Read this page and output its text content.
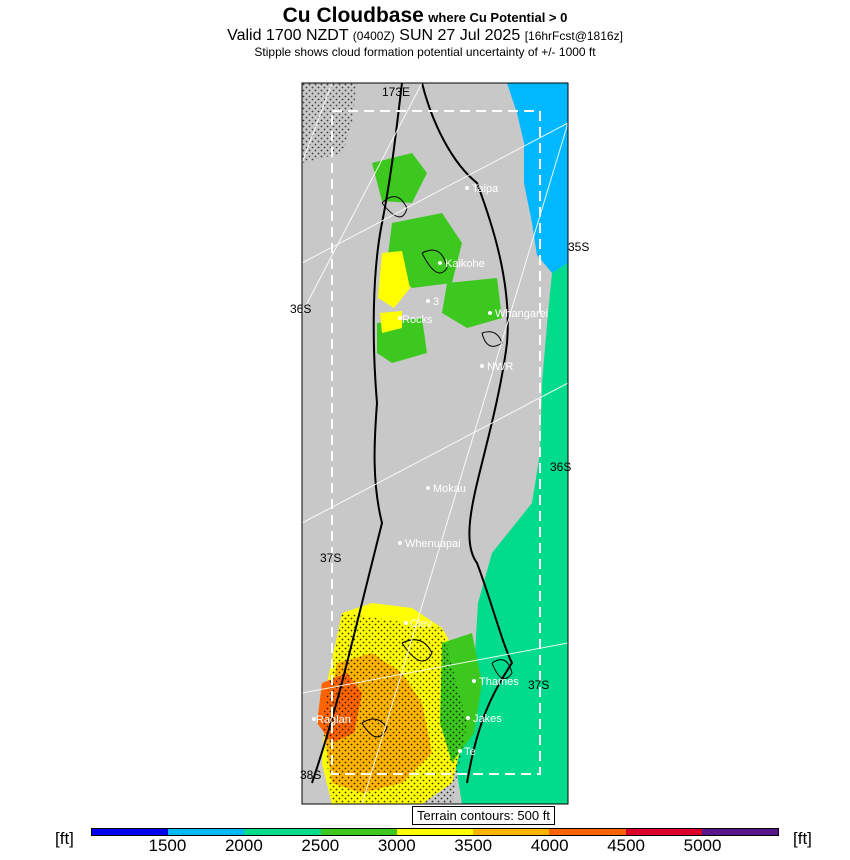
Cu Cloudbase where Cu Potential > 0
Valid 1700 NZDT (0400Z) SUN 27 Jul 2025 [16hrFcst@1816z]
Stipple shows cloud formation potential uncertainty of +/- 1000 ft
Taipa
Kaikohe
Whangarei
Rocks
3
NWR
Mokau
Whenuapai
Thames
Jakes
Te
Raglan
Clev
173E
35S
36S
36S
37S
37S
38S
Terrain contours: 500 ft
[ft]	[ft]
1500	2000	2500	3000	3500	4000	4500	5000
